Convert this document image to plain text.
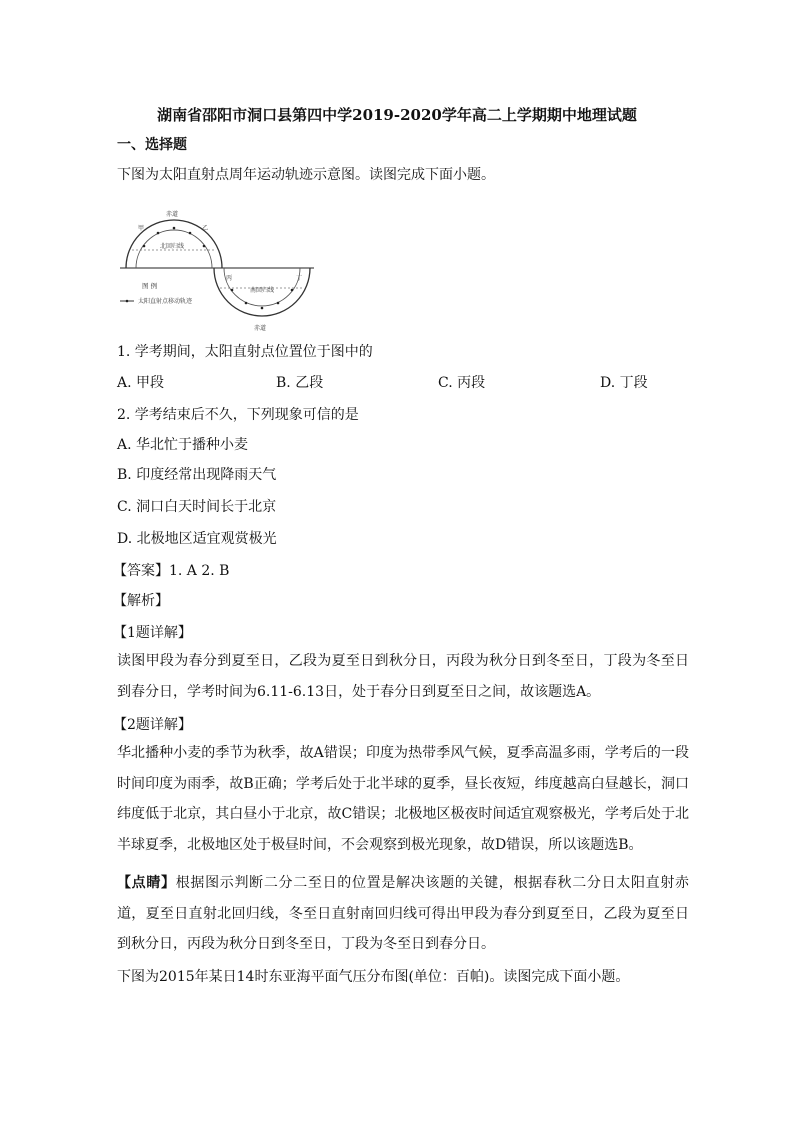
湖南省邵阳市洞口县第四中学2019-2020学年高二上学期期中地理试题
一、选择题
下图为太阳直射点周年运动轨迹示意图。读图完成下面小题。
赤道
北回归线
南回归线
赤道
甲	乙
丙	丁
图 例
太阳直射点移动轨迹
1. 学考期间，太阳直射点位置位于图中的
A. 甲段	B. 乙段	C. 丙段	D. 丁段
2. 学考结束后不久，下列现象可信的是
A. 华北忙于播种小麦
B. 印度经常出现降雨天气
C. 洞口白天时间长于北京
D. 北极地区适宜观赏极光
【答案】1. A 2. B
【解析】
【1题详解】
读图甲段为春分到夏至日，乙段为夏至日到秋分日，丙段为秋分日到冬至日，丁段为冬至日到春分日，学考时间为6.11-6.13日，处于春分日到夏至日之间，故该题选A。
【2题详解】
华北播种小麦的季节为秋季，故A错误；印度为热带季风气候，夏季高温多雨，学考后的一段时间印度为雨季，故B正确；学考后处于北半球的夏季，昼长夜短，纬度越高白昼越长，洞口纬度低于北京，其白昼小于北京，故C错误；北极地区极夜时间适宜观察极光，学考后处于北半球夏季，北极地区处于极昼时间，不会观察到极光现象，故D错误，所以该题选B。
【点睛】根据图示判断二分二至日的位置是解决该题的关键，根据春秋二分日太阳直射赤道，夏至日直射北回归线，冬至日直射南回归线可得出甲段为春分到夏至日，乙段为夏至日到秋分日，丙段为秋分日到冬至日，丁段为冬至日到春分日。
下图为2015年某日14时东亚海平面气压分布图(单位：百帕)。读图完成下面小题。
